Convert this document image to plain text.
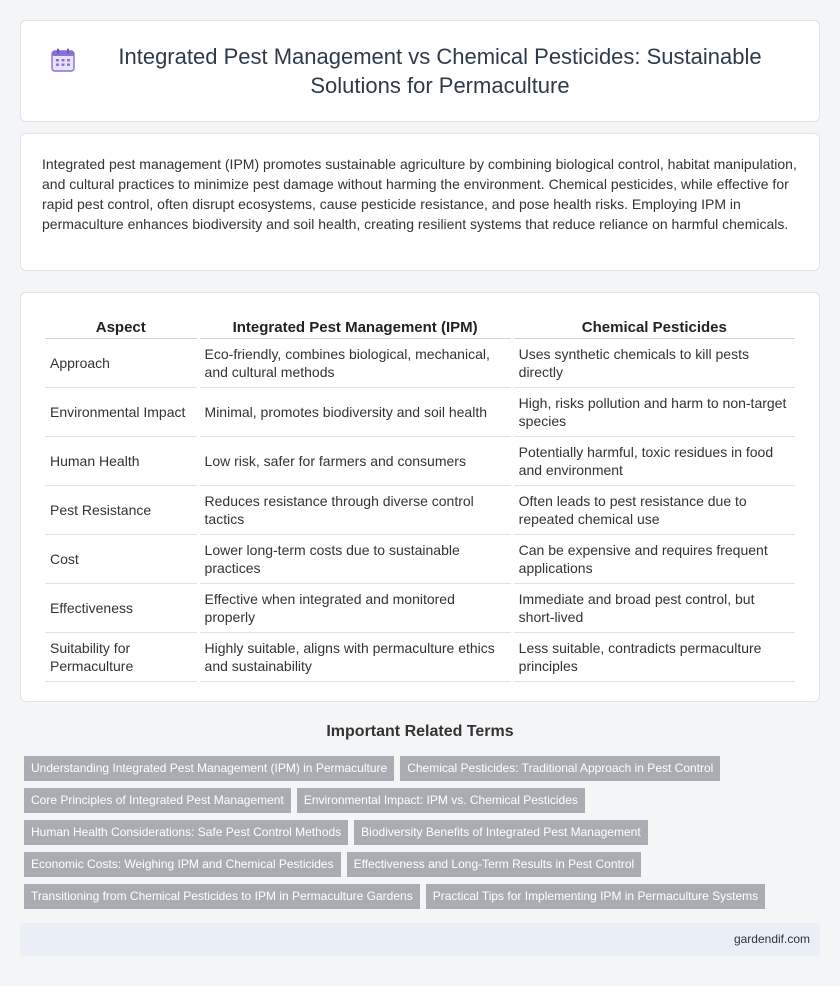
Integrated Pest Management vs Chemical Pesticides: Sustainable Solutions for Permaculture

Integrated pest management (IPM) promotes sustainable agriculture by combining biological control, habitat manipulation, and cultural practices to minimize pest damage without harming the environment. Chemical pesticides, while effective for rapid pest control, often disrupt ecosystems, cause pesticide resistance, and pose health risks. Employing IPM in permaculture enhances biodiversity and soil health, creating resilient systems that reduce reliance on harmful chemicals.

Aspect	Integrated Pest Management (IPM)	Chemical Pesticides
Approach	Eco-friendly, combines biological, mechanical, and cultural methods	Uses synthetic chemicals to kill pests directly
Environmental Impact	Minimal, promotes biodiversity and soil health	High, risks pollution and harm to non-target species
Human Health	Low risk, safer for farmers and consumers	Potentially harmful, toxic residues in food and environment
Pest Resistance	Reduces resistance through diverse control tactics	Often leads to pest resistance due to repeated chemical use
Cost	Lower long-term costs due to sustainable practices	Can be expensive and requires frequent applications
Effectiveness	Effective when integrated and monitored properly	Immediate and broad pest control, but short-lived
Suitability for Permaculture	Highly suitable, aligns with permaculture ethics and sustainability	Less suitable, contradicts permaculture principles
Important Related Terms
Understanding Integrated Pest Management (IPM) in Permaculture	Chemical Pesticides: Traditional Approach in Pest Control
Core Principles of Integrated Pest Management	Environmental Impact: IPM vs. Chemical Pesticides
Human Health Considerations: Safe Pest Control Methods	Biodiversity Benefits of Integrated Pest Management
Economic Costs: Weighing IPM and Chemical Pesticides	Effectiveness and Long-Term Results in Pest Control
Transitioning from Chemical Pesticides to IPM in Permaculture Gardens	Practical Tips for Implementing IPM in Permaculture Systems
gardendif.com
